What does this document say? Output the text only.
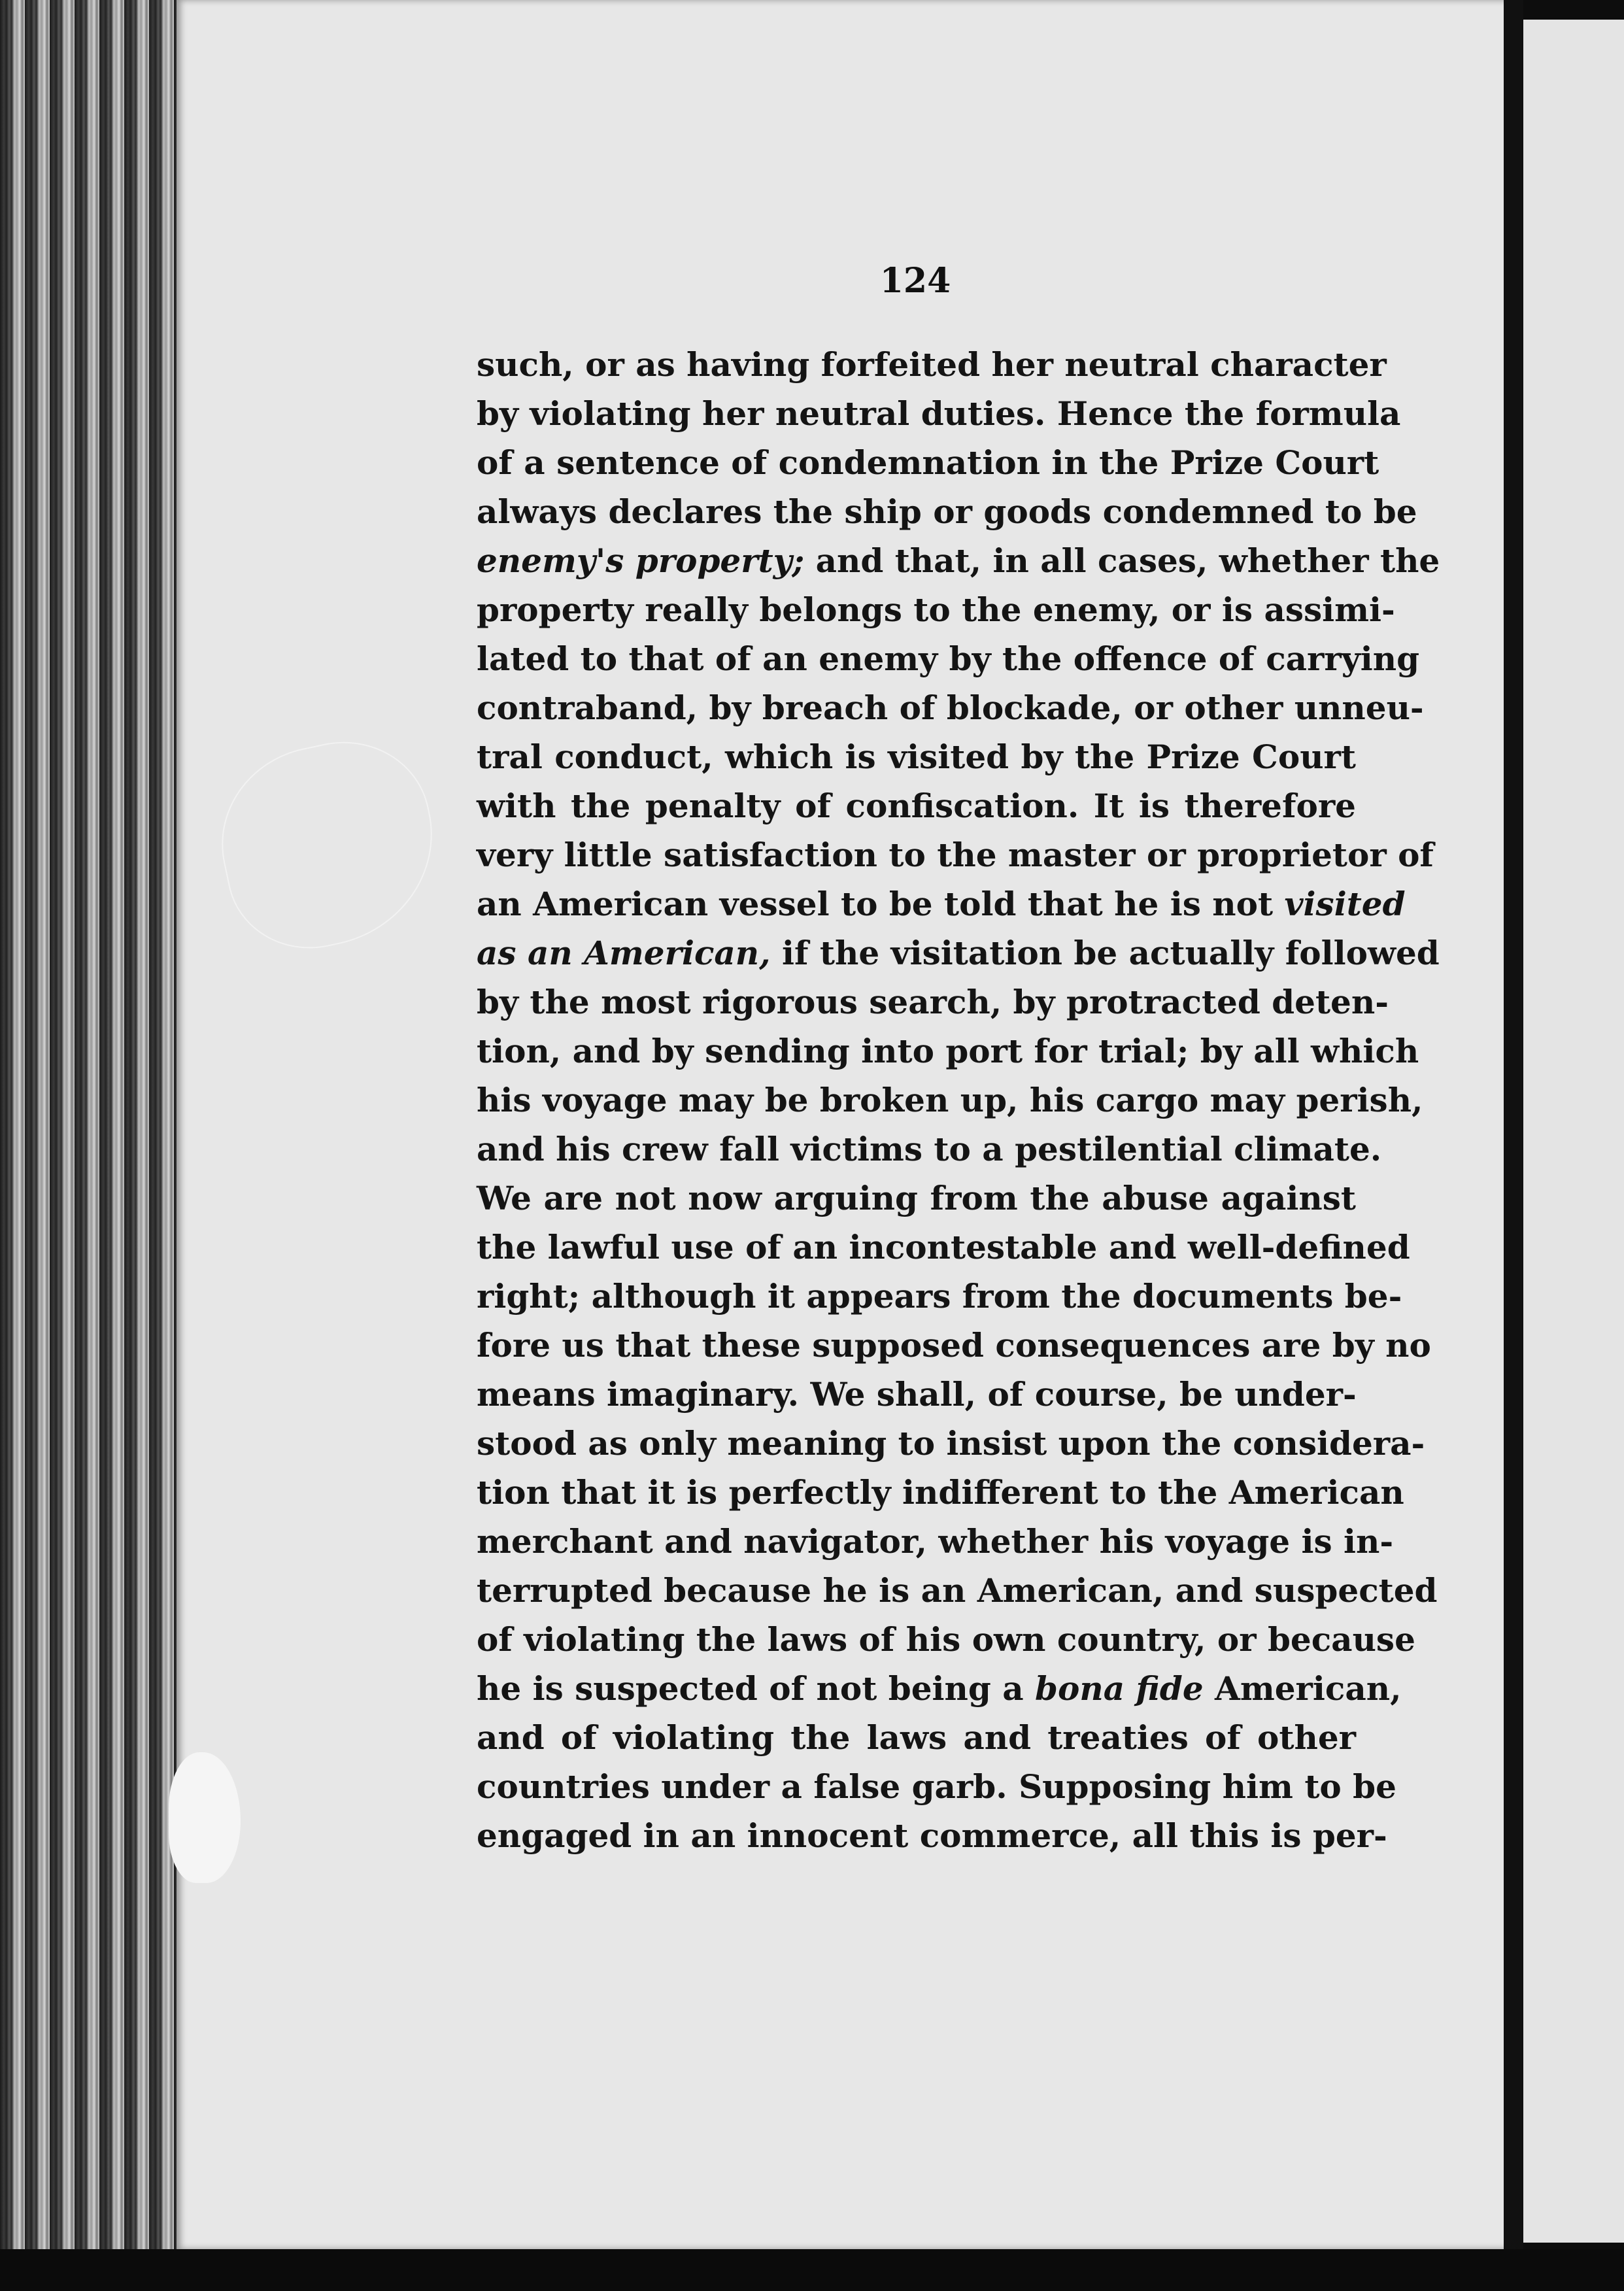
124
such, or as having forfeited her neutral character
by violating her neutral duties. Hence the formula
of a sentence of condemnation in the Prize Court
always declares the ship or goods condemned to be
enemy's property; and that, in all cases, whether the
property really belongs to the enemy, or is assimi-
lated to that of an enemy by the offence of carrying
contraband, by breach of blockade, or other unneu-
tral conduct, which is visited by the Prize Court
with the penalty of confiscation. It is therefore
very little satisfaction to the master or proprietor of
an American vessel to be told that he is not visited
as an American, if the visitation be actually followed
by the most rigorous search, by protracted deten-
tion, and by sending into port for trial; by all which
his voyage may be broken up, his cargo may perish,
and his crew fall victims to a pestilential climate.
We are not now arguing from the abuse against
the lawful use of an incontestable and well-defined
right; although it appears from the documents be-
fore us that these supposed consequences are by no
means imaginary. We shall, of course, be under-
stood as only meaning to insist upon the considera-
tion that it is perfectly indifferent to the American
merchant and navigator, whether his voyage is in-
terrupted because he is an American, and suspected
of violating the laws of his own country, or because
he is suspected of not being a bona fide American,
and of violating the laws and treaties of other
countries under a false garb. Supposing him to be
engaged in an innocent commerce, all this is per-
